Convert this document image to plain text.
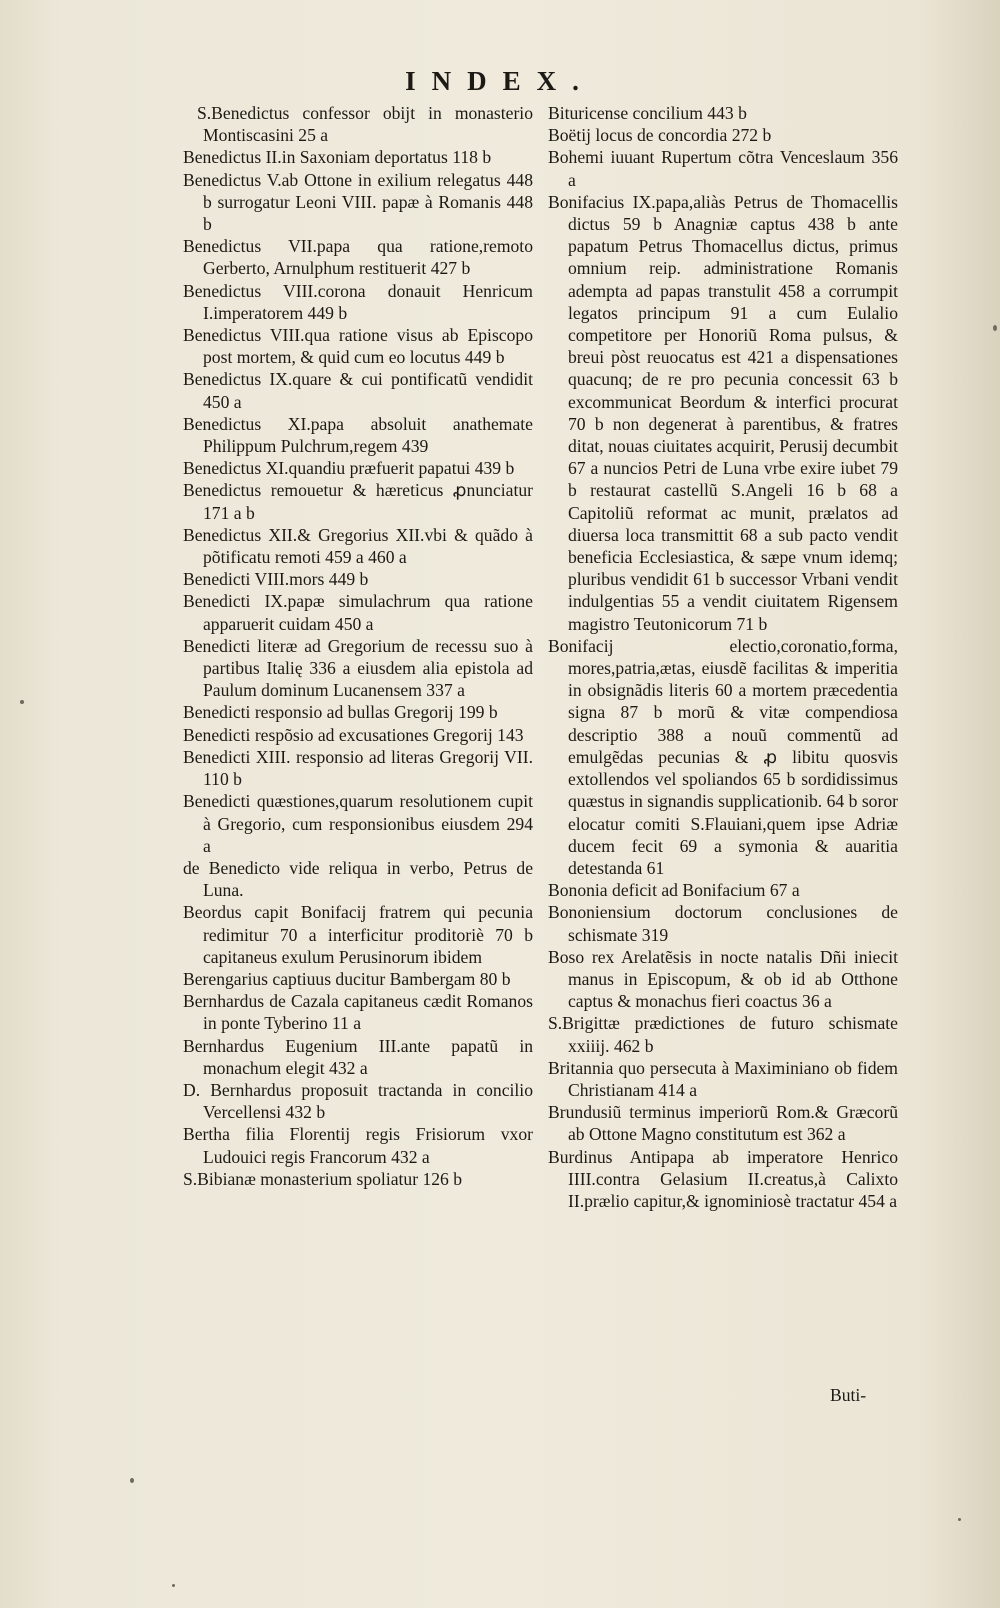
INDEX.

S.Benedictus confessor obijt in monasterio Montiscasini 25 a

Benedictus II.in Saxoniam deportatus 118 b

Benedictus V.ab Ottone in exilium relegatus 448 b surrogatur Leoni VIII. papæ à Romanis 448 b

Benedictus VII.papa qua ratione,remoto Gerberto, Arnulphum restituerit 427 b

Benedictus VIII.corona donauit Henricum I.imperatorem 449 b

Benedictus VIII.qua ratione visus ab Episcopo post mortem, & quid cum eo locutus 449 b

Benedictus IX.quare & cui pontificatũ vendidit 450 a

Benedictus XI.papa absoluit anathemate Philippum Pulchrum,regem 439

Benedictus XI.quandiu præfuerit papatui 439 b

Benedictus remouetur & hæreticus ꝓnunciatur 171 a b

Benedictus XII.& Gregorius XII.vbi & quãdo à põtificatu remoti 459 a 460 a

Benedicti VIII.mors 449 b

Benedicti IX.papæ simulachrum qua ratione apparuerit cuidam 450 a

Benedicti literæ ad Gregorium de recessu suo à partibus Italię 336 a eiusdem alia epistola ad Paulum dominum Lucanensem 337 a

Benedicti responsio ad bullas Gregorij 199 b

Benedicti respõsio ad excusationes Gregorij 143

Benedicti XIII. responsio ad literas Gregorij VII. 110 b

Benedicti quæstiones,quarum resolutionem cupit à Gregorio, cum responsionibus eiusdem 294 a

de Benedicto vide reliqua in verbo, Petrus de Luna.

Beordus capit Bonifacij fratrem qui pecunia redimitur 70 a interficitur proditoriè 70 b capitaneus exulum Perusinorum ibidem

Berengarius captiuus ducitur Bambergam 80 b

Bernhardus de Cazala capitaneus cædit Romanos in ponte Tyberino 11 a

Bernhardus Eugenium III.ante papatũ in monachum elegit 432 a

D. Bernhardus proposuit tractanda in concilio Vercellensi 432 b

Bertha filia Florentij regis Frisiorum vxor Ludouici regis Francorum 432 a

S.Bibianæ monasterium spoliatur 126 b

Bituricense concilium 443 b

Boëtij locus de concordia 272 b

Bohemi iuuant Rupertum cõtra Venceslaum 356 a

Bonifacius IX.papa,aliàs Petrus de Thomacellis dictus 59 b Anagniæ captus 438 b ante papatum Petrus Thomacellus dictus, primus omnium reip. administratione Romanis adempta ad papas transtulit 458 a corrumpit legatos principum 91 a cum Eulalio competitore per Honoriũ Roma pulsus, & breui pòst reuocatus est 421 a dispensationes quacunq; de re pro pecunia concessit 63 b excommunicat Beordum & interfici procurat 70 b non degenerat à parentibus, & fratres ditat, nouas ciuitates acquirit, Perusij decumbit 67 a nuncios Petri de Luna vrbe exire iubet 79 b restaurat castellũ S.Angeli 16 b 68 a Capitoliũ reformat ac munit, prælatos ad diuersa loca transmittit 68 a sub pacto vendit beneficia Ecclesiastica, & sæpe vnum idemq; pluribus vendidit 61 b successor Vrbani vendit indulgentias 55 a vendit ciuitatem Rigensem magistro Teutonicorum 71 b

Bonifacij electio,coronatio,forma, mores,patria,ætas, eiusdẽ facilitas & imperitia in obsignãdis literis 60 a mortem præcedentia signa 87 b morũ & vitæ compendiosa descriptio 388 a nouũ commentũ ad emulgẽdas pecunias & ꝓ libitu quosvis extollendos vel spoliandos 65 b sordidissimus quæstus in signandis supplicationib. 64 b soror elocatur comiti S.Flauiani,quem ipse Adriæ ducem fecit 69 a symonia & auaritia detestanda 61

Bononia deficit ad Bonifacium 67 a

Bononiensium doctorum conclusiones de schismate 319

Boso rex Arelatẽsis in nocte natalis Dñi iniecit manus in Episcopum, & ob id ab Otthone captus & monachus fieri coactus 36 a

S.Brigittæ prædictiones de futuro schismate xxiiij. 462 b

Britannia quo persecuta à Maximiniano ob fidem Christianam 414 a

Brundusiũ terminus imperiorũ Rom.& Græcorũ ab Ottone Magno constitutum est 362 a

Burdinus Antipapa ab imperatore Henrico IIII.contra Gelasium II.creatus,à Calixto II.prælio capitur,& ignominiosè tractatur 454 a

Buti-
